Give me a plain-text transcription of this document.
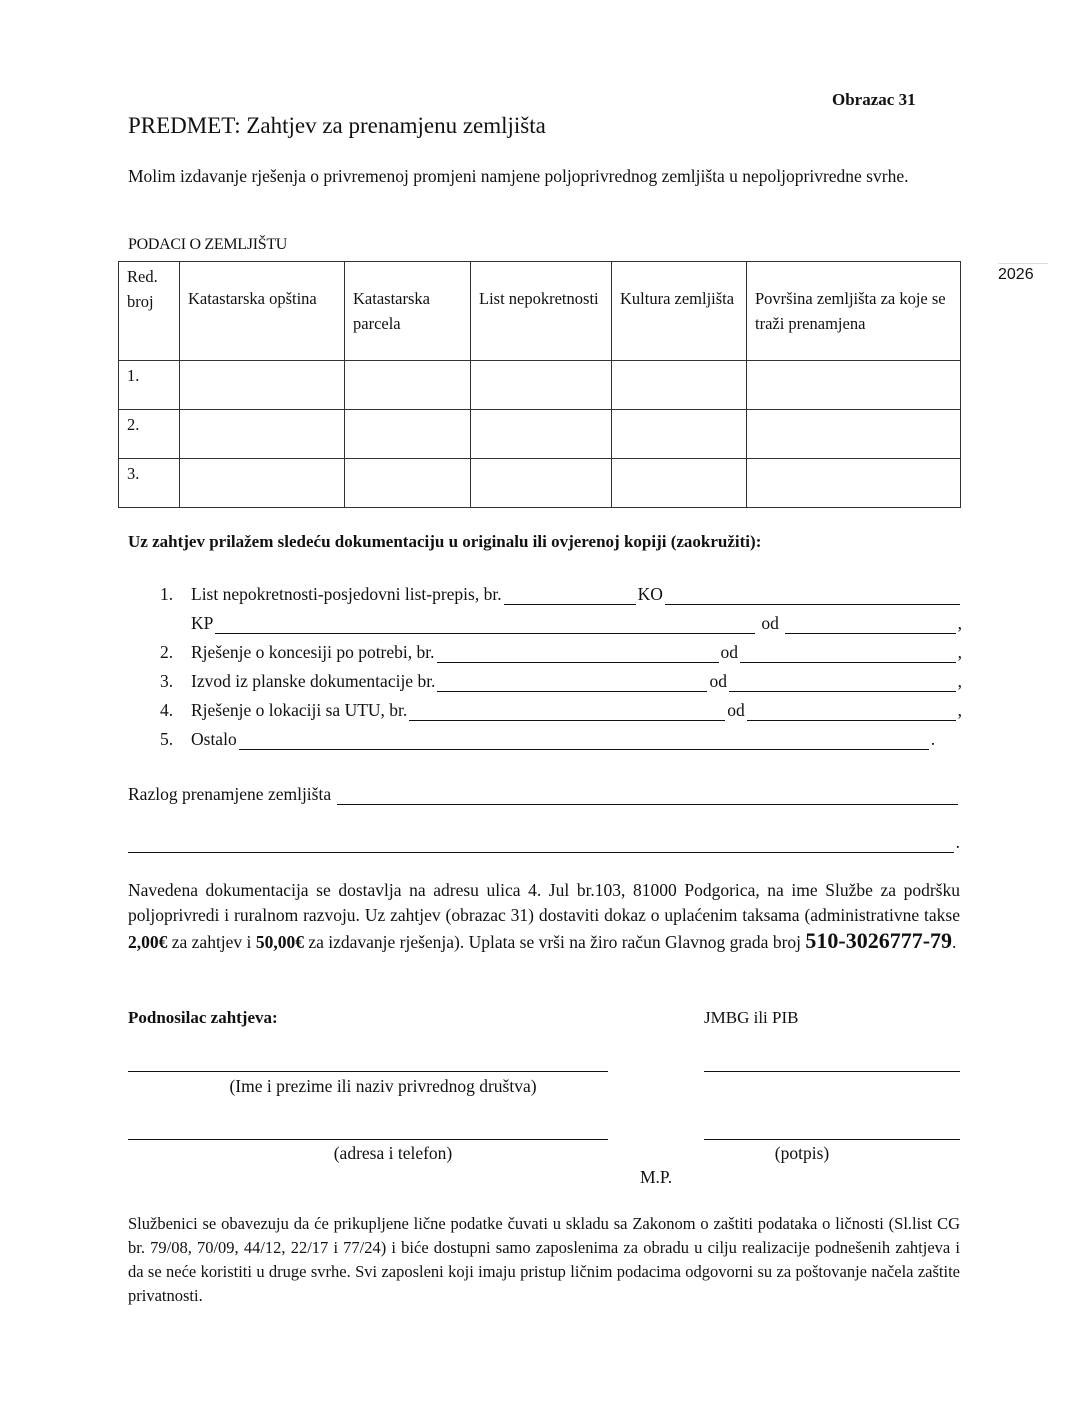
Obrazac 31
PREDMET: Zahtjev za prenamjenu zemljišta
2026
Molim izdavanje rješenja o privremenoj promjeni namjene poljoprivrednog zemljišta u nepoljoprivredne svrhe.
PODACI O ZEMLJIŠTU
Red. broj	Katastarska opština	Katastarska parcela	List nepokretnosti	Kultura zemljišta	Površina zemljišta za koje se traži prenamjena

1.					
2.					
3.					
Uz zahtjev prilažem sledeću dokumentaciju u originalu ili ovjerenoj kopiji (zaokružiti):
1.	List nepokretnosti-posjedovni list-prepis, br.	KO
KP	od	,
2.	Rješenje o koncesiji po potrebi, br.	od	,
3.	Izvod iz planske dokumentacije br.	od	,
4.	Rješenje o lokaciji sa UTU, br.	od	,
5.	Ostalo	.
Razlog prenamjene zemljišta
.
Navedena dokumentacija se dostavlja na adresu ulica 4. Jul br.103, 81000 Podgorica, na ime Službe za podršku poljoprivredi i ruralnom razvoju. Uz zahtjev (obrazac 31) dostaviti dokaz o uplaćenim taksama (administrativne takse 2,00€ za zahtjev i 50,00€ za izdavanje rješenja). Uplata se vrši na žiro račun Glavnog grada broj 510-3026777-79.
Podnosilac zahtjeva:	JMBG ili PIB
(Ime i prezime ili naziv privrednog društva)
(adresa i telefon)	(potpis)
M.P.
Službenici se obavezuju da će prikupljene lične podatke čuvati u skladu sa Zakonom o zaštiti podataka o ličnosti (Sl.list CG br. 79/08, 70/09, 44/12, 22/17 i 77/24) i biće dostupni samo zaposlenima za obradu u cilju realizacije podnešenih zahtjeva i da se neće koristiti u druge svrhe. Svi zaposleni koji imaju pristup ličnim podacima odgovorni su za poštovanje načela zaštite privatnosti.
